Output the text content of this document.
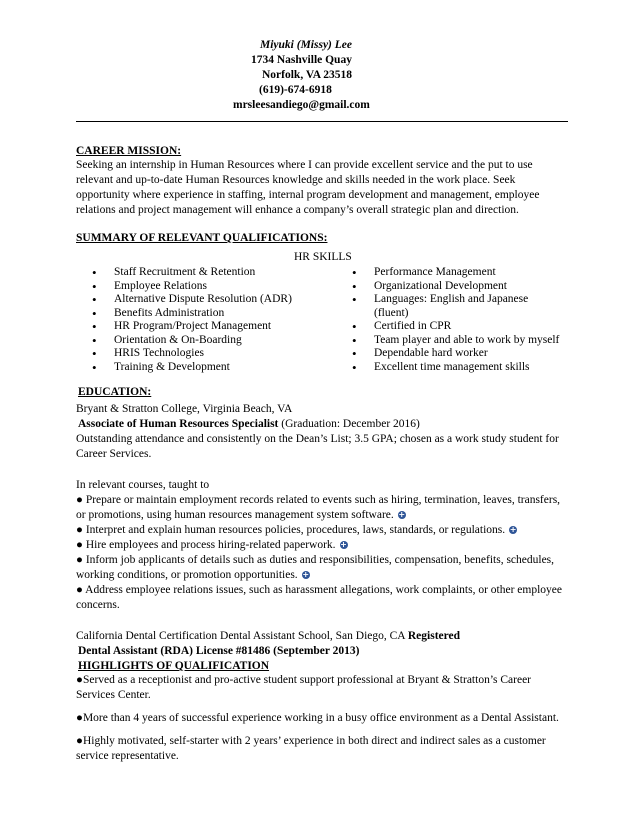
Miyuki (Missy) Lee
1734 Nashville Quay
Norfolk, VA 23518
(619)-674-6918
mrsleesandiego@gmail.com
CAREER MISSION:
Seeking an internship in Human Resources where I can provide excellent service and the put to use
relevant and up-to-date Human Resources knowledge and skills needed in the work place. Seek
opportunity where experience in staffing, internal program development and management, employee
relations and project management will enhance a company’s overall strategic plan and direction.
SUMMARY OF RELEVANT QUALIFICATIONS:
HR SKILLS
• Staff Recruitment & Retention
• Employee Relations
• Alternative Dispute Resolution (ADR)
• Benefits Administration
• HR Program/Project Management
• Orientation & On-Boarding
• HRIS Technologies
• Training & Development
• Performance Management
• Organizational Development
• Languages: English and Japanese
(fluent)
• Certified in CPR
• Team player and able to work by myself
• Dependable hard worker
• Excellent time management skills
EDUCATION:
Bryant & Stratton College, Virginia Beach, VA
Associate of Human Resources Specialist (Graduation: December 2016)
Outstanding attendance and consistently on the Dean’s List; 3.5 GPA; chosen as a work study student for
Career Services.
In relevant courses, taught to
● Prepare or maintain employment records related to events such as hiring, termination, leaves, transfers,
or promotions, using human resources management system software. +
● Interpret and explain human resources policies, procedures, laws, standards, or regulations. +
● Hire employees and process hiring-related paperwork. +
● Inform job applicants of details such as duties and responsibilities, compensation, benefits, schedules,
working conditions, or promotion opportunities. +
● Address employee relations issues, such as harassment allegations, work complaints, or other employee
concerns.
California Dental Certification Dental Assistant School, San Diego, CA Registered
Dental Assistant (RDA) License #81486 (September 2013)
HIGHLIGHTS OF QUALIFICATION
●Served as a receptionist and pro-active student support professional at Bryant & Stratton’s Career
Services Center.
●More than 4 years of successful experience working in a busy office environment as a Dental Assistant.
●Highly motivated, self-starter with 2 years’ experience in both direct and indirect sales as a customer
service representative.
